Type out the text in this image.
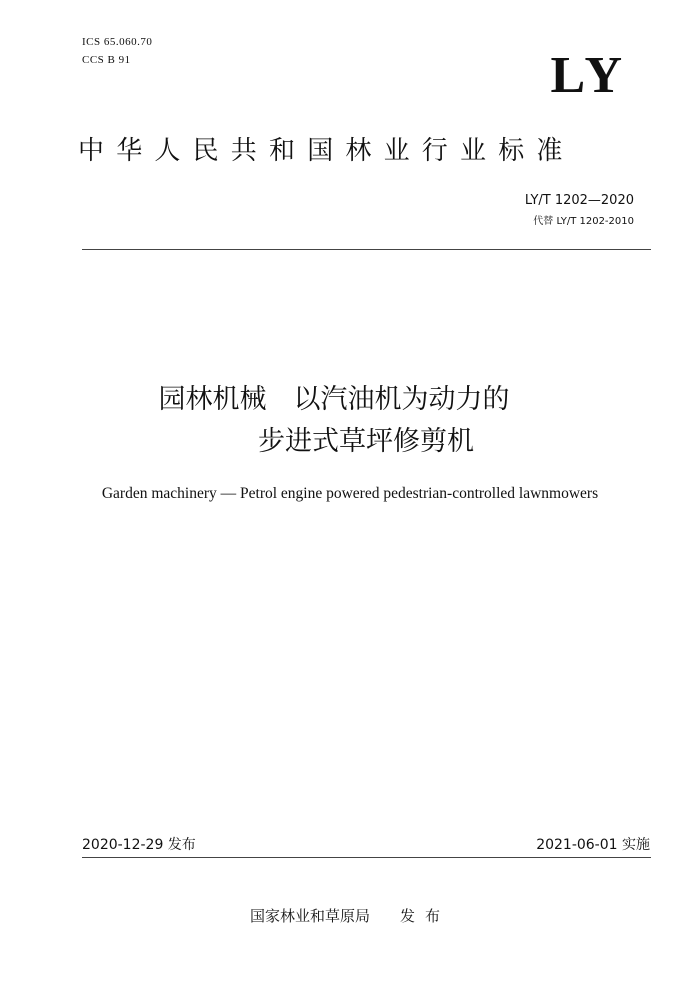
ICS 65.060.70
CCS B 91	LY
中华人民共和国林业行业标准
LY/T 1202—2020
代替 LY/T 1202-2010
园林机械　以汽油机为动力的
步进式草坪修剪机
Garden machinery — Petrol engine powered pedestrian-controlled lawnmowers
2020-12-29 发布	2021-06-01 实施
国家林业和草原局 发布
